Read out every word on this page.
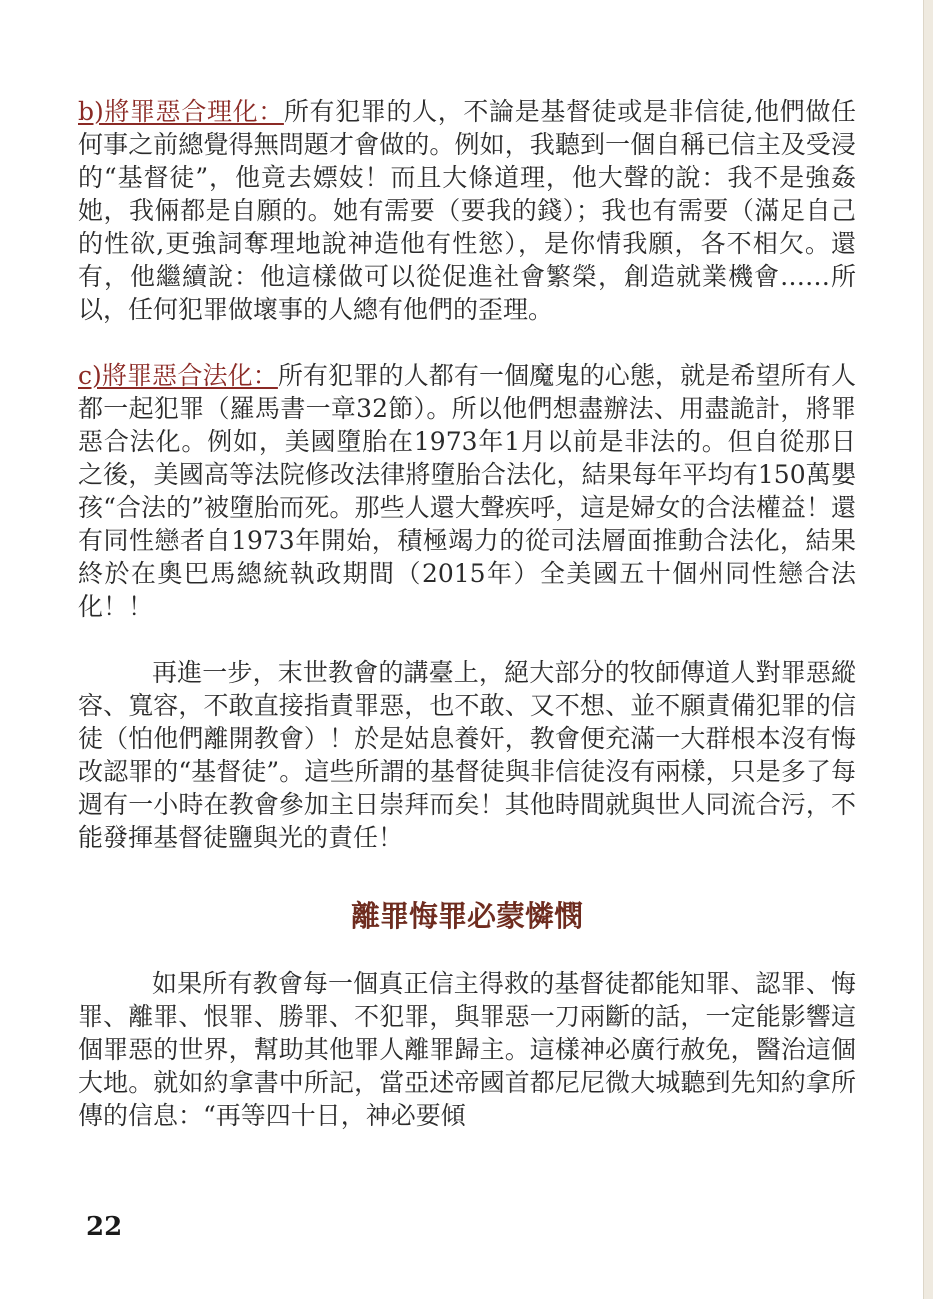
b)將罪惡合理化：所有犯罪的人，不論是基督徒或是非信徒,他們做任何事之前總覺得無問題才會做的。例如，我聽到一個自稱已信主及受浸的“基督徒”，他竟去嫖妓！而且大條道理，他大聲的說：我不是強姦她，我倆都是自願的。她有需要（要我的錢）；我也有需要（滿足自己的性欲,更強詞奪理地說神造他有性慾），是你情我願，各不相欠。還有，他繼續說：他這樣做可以從促進社會繁榮，創造就業機會……所以，任何犯罪做壞事的人總有他們的歪理。

c)將罪惡合法化：所有犯罪的人都有一個魔鬼的心態，就是希望所有人都一起犯罪（羅馬書一章32節）。所以他們想盡辦法、用盡詭計，將罪惡合法化。例如，美國墮胎在1973年1月以前是非法的。但自從那日之後，美國高等法院修改法律將墮胎合法化，結果每年平均有150萬嬰孩“合法的”被墮胎而死。那些人還大聲疾呼，這是婦女的合法權益！還有同性戀者自1973年開始，積極竭力的從司法層面推動合法化，結果終於在奧巴馬總統執政期間（2015年）全美國五十個州同性戀合法化！！

再進一步，末世教會的講臺上，絕大部分的牧師傳道人對罪惡縱容、寬容，不敢直接指責罪惡，也不敢、又不想、並不願責備犯罪的信徒（怕他們離開教會）！於是姑息養奸，教會便充滿一大群根本沒有悔改認罪的“基督徒”。這些所謂的基督徒與非信徒沒有兩樣，只是多了每週有一小時在教會參加主日崇拜而矣！其他時間就與世人同流合污，不能發揮基督徒鹽與光的責任！

離罪悔罪必蒙憐憫

如果所有教會每一個真正信主得救的基督徒都能知罪、認罪、悔罪、離罪、恨罪、勝罪、不犯罪，與罪惡一刀兩斷的話，一定能影響這個罪惡的世界，幫助其他罪人離罪歸主。這樣神必廣行赦免，醫治這個大地。就如約拿書中所記，當亞述帝國首都尼尼微大城聽到先知約拿所傳的信息：“再等四十日，神必要傾

22
